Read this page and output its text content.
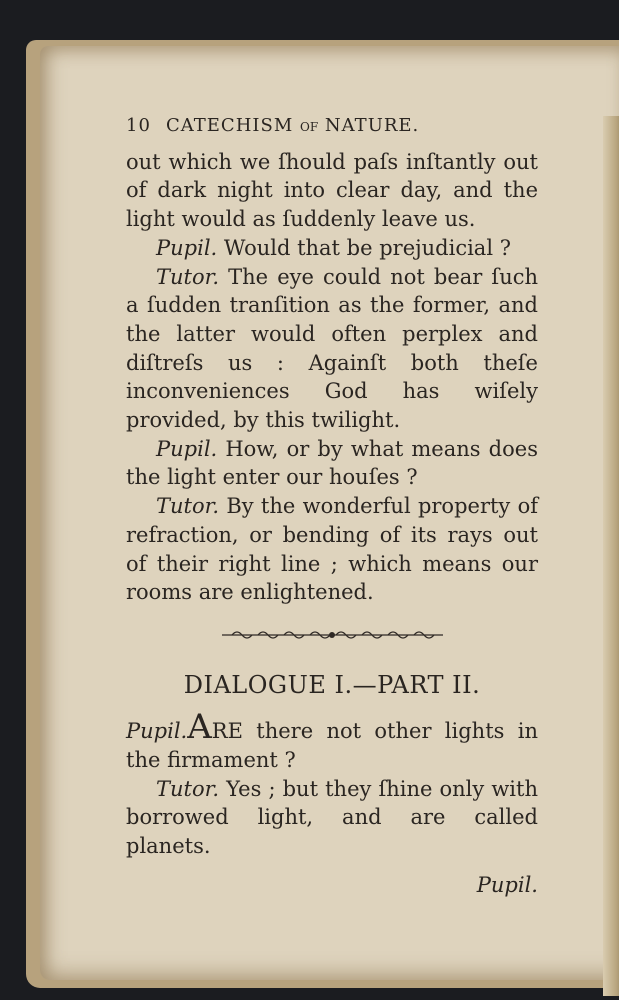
10 CATECHISM OF NATURE.

out which we ſhould paſs inſtantly out of dark night into clear day, and the light would as ſuddenly leave us.

Pupil. Would that be prejudicial ?

Tutor. The eye could not bear ſuch a ſudden tranſition as the former, and the latter would often perplex and diſtreſs us : Againſt both theſe inconveniences God has wiſely provided, by this twilight.

Pupil. How, or by what means does the light enter our houſes ?

Tutor. By the wonderful property of refraction, or bending of its rays out of their right line ; which means our rooms are enlightened.

DIALOGUE I.—PART II.

Pupil.ARE there not other lights in the firmament ?

Tutor. Yes ; but they ſhine only with borrowed light, and are called planets.

Pupil.
